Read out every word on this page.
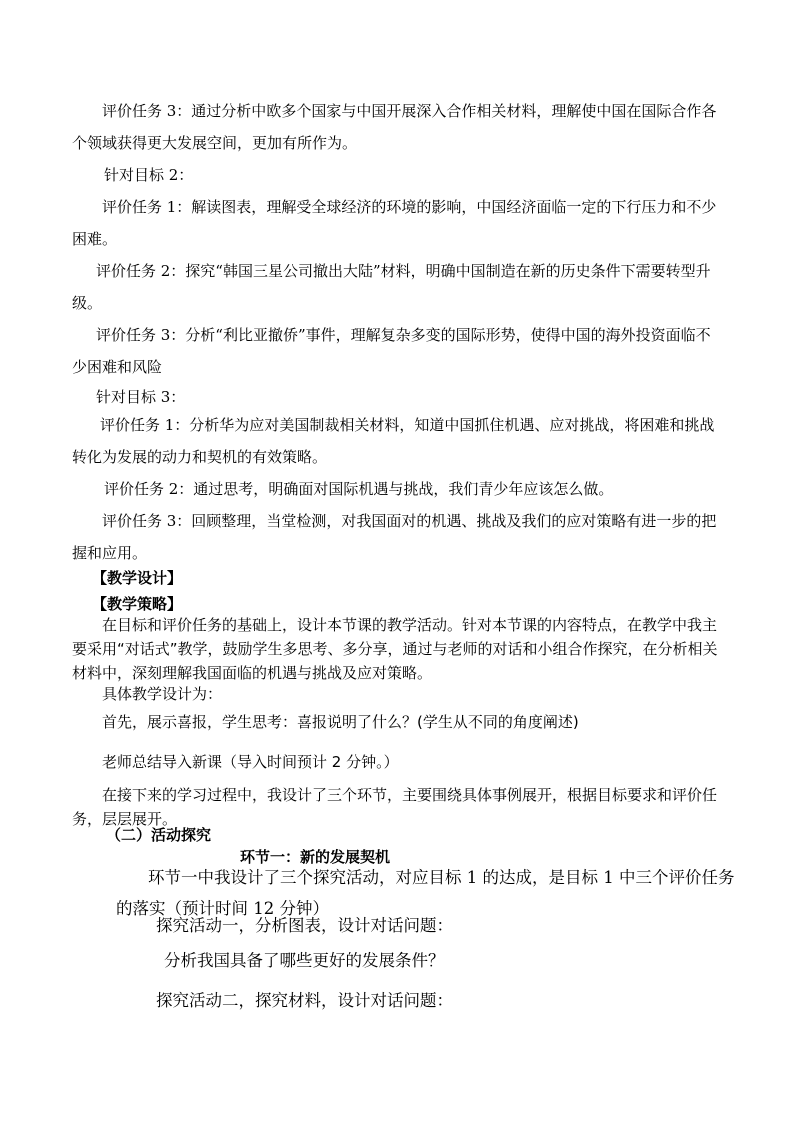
评价任务 3：通过分析中欧多个国家与中国开展深入合作相关材料，理解使中国在国际合作各个领域获得更大发展空间，更加有所作为。

针对目标 2：

评价任务 1：解读图表，理解受全球经济的环境的影响，中国经济面临一定的下行压力和不少困难。

评价任务 2：探究“韩国三星公司撤出大陆”材料，明确中国制造在新的历史条件下需要转型升级。

评价任务 3：分析“利比亚撤侨”事件，理解复杂多变的国际形势，使得中国的海外投资面临不少困难和风险

针对目标 3：

评价任务 1：分析华为应对美国制裁相关材料，知道中国抓住机遇、应对挑战，将困难和挑战转化为发展的动力和契机的有效策略。

评价任务 2：通过思考，明确面对国际机遇与挑战，我们青少年应该怎么做。

评价任务 3：回顾整理，当堂检测，对我国面对的机遇、挑战及我们的应对策略有进一步的把握和应用。

【教学设计】

【教学策略】

在目标和评价任务的基础上，设计本节课的教学活动。针对本节课的内容特点，在教学中我主要采用“对话式”教学，鼓励学生多思考、多分享，通过与老师的对话和小组合作探究，在分析相关材料中，深刻理解我国面临的机遇与挑战及应对策略。

具体教学设计为：

首先，展示喜报，学生思考：喜报说明了什么？(学生从不同的角度阐述)

老师总结导入新课（导入时间预计 2 分钟。）

在接下来的学习过程中，我设计了三个环节，主要围绕具体事例展开，根据目标要求和评价任务，层层展开。

（二）活动探究

环节一：新的发展契机

环节一中我设计了三个探究活动，对应目标 1 的达成，是目标 1 中三个评价任务的落实（预计时间 12 分钟）

探究活动一，分析图表，设计对话问题：

分析我国具备了哪些更好的发展条件？

探究活动二，探究材料，设计对话问题：
